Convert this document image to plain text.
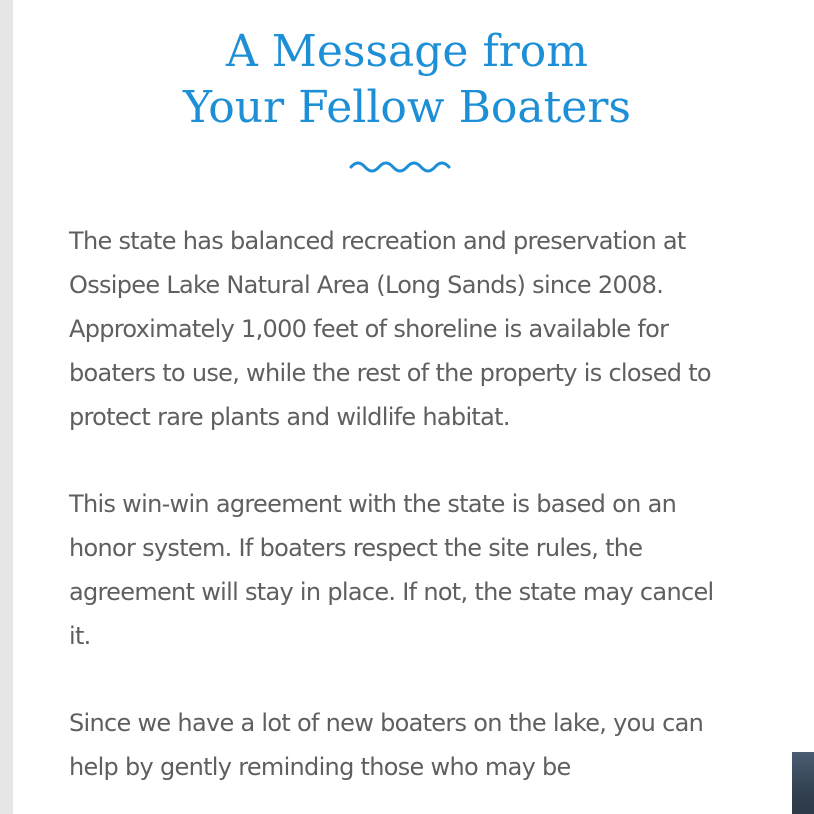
A Message from
Your Fellow Boaters

The state has balanced recreation and preservation at Ossipee Lake Natural Area (Long Sands) since 2008. Approximately 1,000 feet of shoreline is available for boaters to use, while the rest of the property is closed to protect rare plants and wildlife habitat.

This win-win agreement with the state is based on an honor system. If boaters respect the site rules, the agreement will stay in place. If not, the state may cancel it.

Since we have a lot of new boaters on the lake, you can help by gently reminding those who may be
